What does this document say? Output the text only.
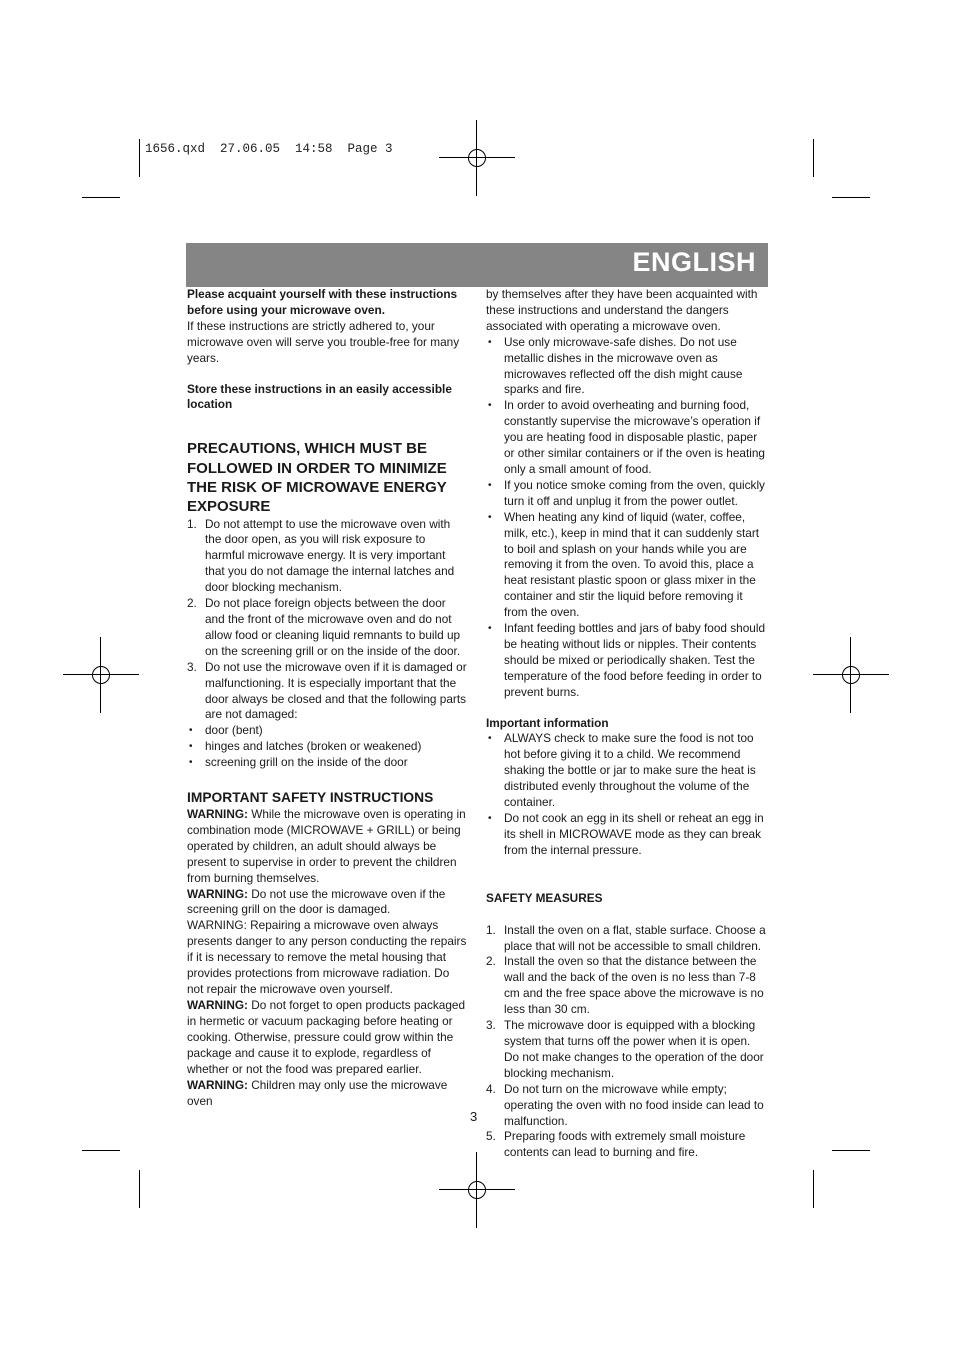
1656.qxd  27.06.05  14:58  Page 3
ENGLISH

Please acquaint yourself with these instructions before using your microwave oven.

If these instructions are strictly adhered to, your microwave oven will serve you trouble-free for many years.

Store these instructions in an easily accessible location

PRECAUTIONS, WHICH MUST BE FOLLOWED IN ORDER TO MINIMIZE THE RISK OF MICROWAVE ENERGY EXPOSURE

1. Do not attempt to use the microwave oven with the door open, as you will risk exposure to harmful microwave energy. It is very important that you do not damage the internal latches and door blocking mechanism.
2. Do not place foreign objects between the door and the front of the microwave oven and do not allow food or cleaning liquid remnants to build up on the screening grill or on the inside of the door.
3. Do not use the microwave oven if it is damaged or malfunctioning. It is especially important that the door always be closed and that the following parts are not damaged:
• door (bent)
• hinges and latches (broken or weakened)
• screening grill on the inside of the door

IMPORTANT SAFETY INSTRUCTIONS

WARNING: While the microwave oven is operating in combination mode (MICROWAVE + GRILL) or being operated by children, an adult should always be present to supervise in order to prevent the children from burning themselves.

WARNING: Do not use the microwave oven if the screening grill on the door is damaged.

WARNING: Repairing a microwave oven always presents danger to any person conducting the repairs if it is necessary to remove the metal housing that provides protections from microwave radiation. Do not repair the microwave oven yourself.

WARNING: Do not forget to open products packaged in hermetic or vacuum packaging before heating or cooking. Otherwise, pressure could grow within the package and cause it to explode, regardless of whether or not the food was prepared earlier.

WARNING: Children may only use the microwave oven

by themselves after they have been acquainted with these instructions and understand the dangers associated with operating a microwave oven.

• Use only microwave-safe dishes. Do not use metallic dishes in the microwave oven as microwaves reflected off the dish might cause sparks and fire.
• In order to avoid overheating and burning food, constantly supervise the microwave’s operation if you are heating food in disposable plastic, paper or other similar containers or if the oven is heating only a small amount of food.
• If you notice smoke coming from the oven, quickly turn it off and unplug it from the power outlet.
• When heating any kind of liquid (water, coffee, milk, etc.), keep in mind that it can suddenly start to boil and splash on your hands while you are removing it from the oven. To avoid this, place a heat resistant plastic spoon or glass mixer in the container and stir the liquid before removing it from the oven.
• Infant feeding bottles and jars of baby food should be heating without lids or nipples. Their contents should be mixed or periodically shaken. Test the temperature of the food before feeding in order to prevent burns.

Important information

• ALWAYS check to make sure the food is not too hot before giving it to a child. We recommend shaking the bottle or jar to make sure the heat is distributed evenly throughout the volume of the container.
• Do not cook an egg in its shell or reheat an egg in its shell in MICROWAVE mode as they can break from the internal pressure.

SAFETY MEASURES

1. Install the oven on a flat, stable surface. Choose a place that will not be accessible to small children.
2. Install the oven so that the distance between the wall and the back of the oven is no less than 7-8 cm and the free space above the microwave is no less than 30 cm.
3. The microwave door is equipped with a blocking system that turns off the power when it is open. Do not make changes to the operation of the door blocking mechanism.
4. Do not turn on the microwave while empty; operating the oven with no food inside can lead to malfunction.
5. Preparing foods with extremely small moisture contents can lead to burning and fire.
3
